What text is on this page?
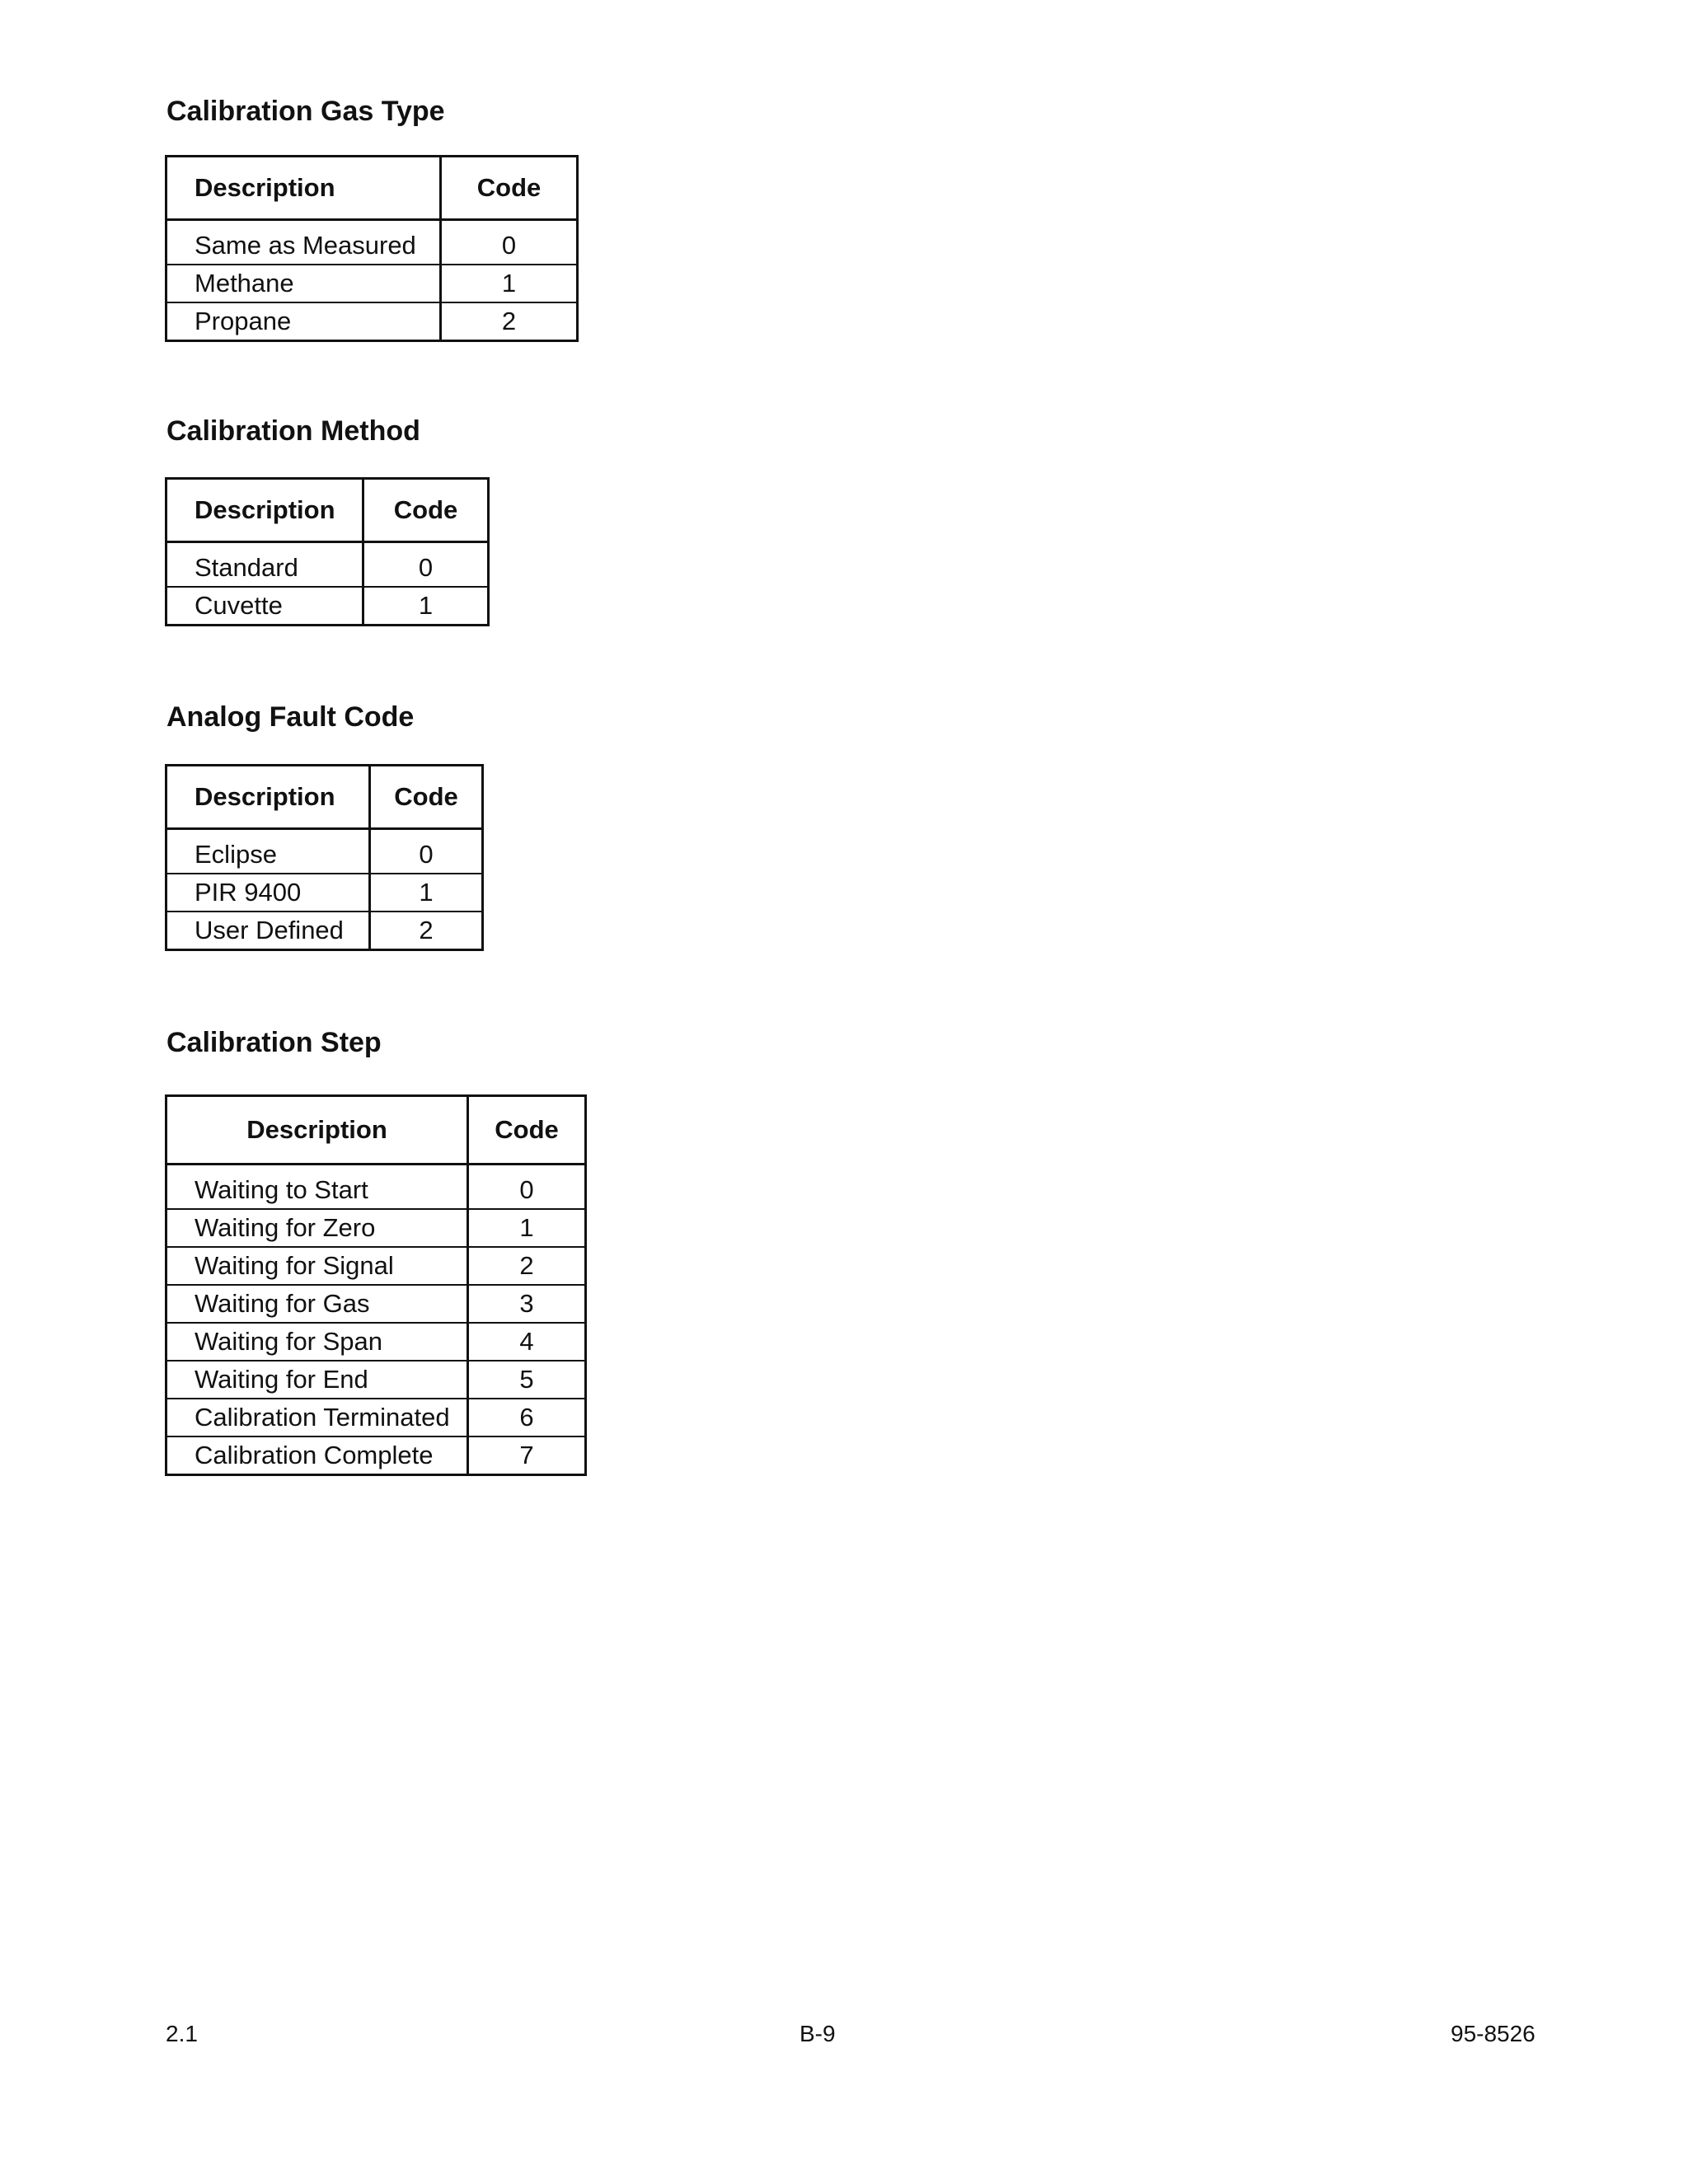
Calibration Gas Type
Description	Code

Same as Measured	0
Methane	1
Propane	2
Calibration Method
Description	Code

Standard	0
Cuvette	1
Analog Fault Code
Description	Code

Eclipse	0
PIR 9400	1
User Defined	2
Calibration Step
Description	Code

Waiting to Start	0
Waiting for Zero	1
Waiting for Signal	2
Waiting for Gas	3
Waiting for Span	4
Waiting for End	5
Calibration Terminated	6
Calibration Complete	7
2.1	B-9	95-8526
